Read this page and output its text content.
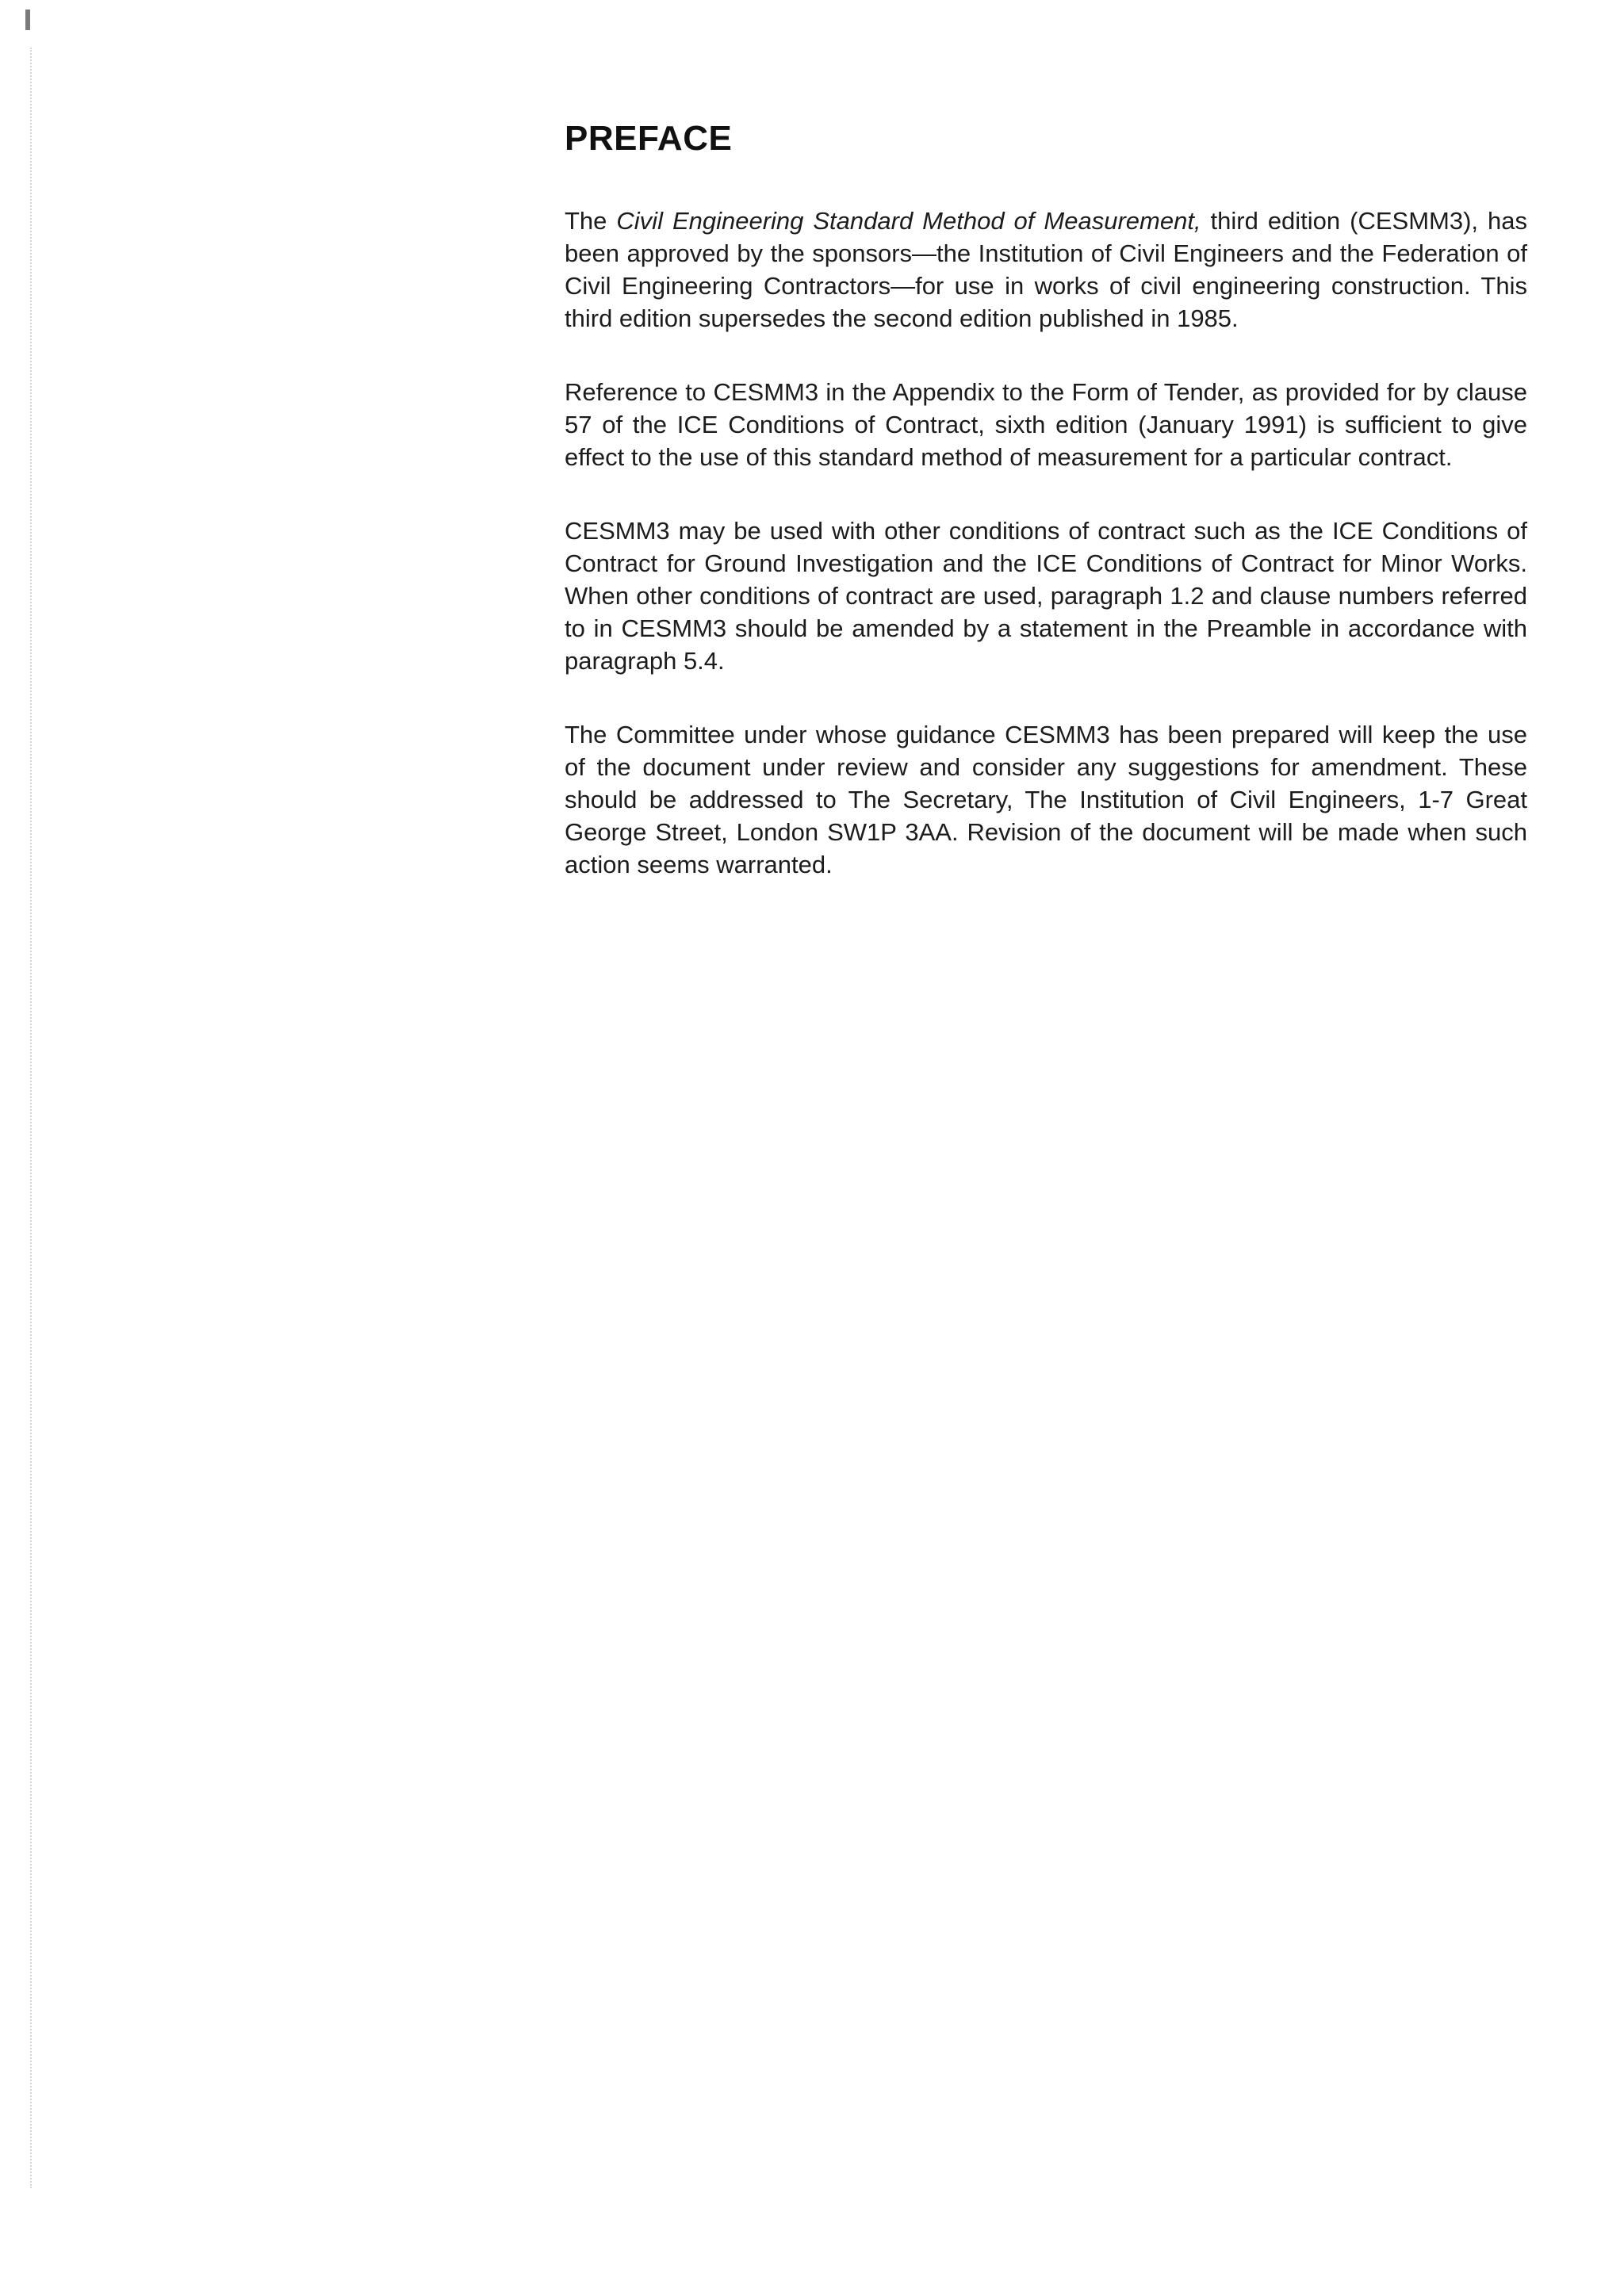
PREFACE

The Civil Engineering Standard Method of Measurement, third edition (CESMM3), has been approved by the sponsors—the Institution of Civil Engineers and the Federation of Civil Engineering Contractors—for use in works of civil engineering construction. This third edition supersedes the second edition published in 1985.

Reference to CESMM3 in the Appendix to the Form of Tender, as provided for by clause 57 of the ICE Conditions of Contract, sixth edition (January 1991) is sufficient to give effect to the use of this standard method of measurement for a particular contract.

CESMM3 may be used with other conditions of contract such as the ICE Conditions of Contract for Ground Investigation and the ICE Conditions of Contract for Minor Works. When other conditions of contract are used, paragraph 1.2 and clause numbers referred to in CESMM3 should be amended by a statement in the Preamble in accordance with paragraph 5.4.

The Committee under whose guidance CESMM3 has been prepared will keep the use of the document under review and consider any suggestions for amendment. These should be addressed to The Secretary, The Institution of Civil Engineers, 1-7 Great George Street, London SW1P 3AA. Revision of the document will be made when such action seems warranted.
